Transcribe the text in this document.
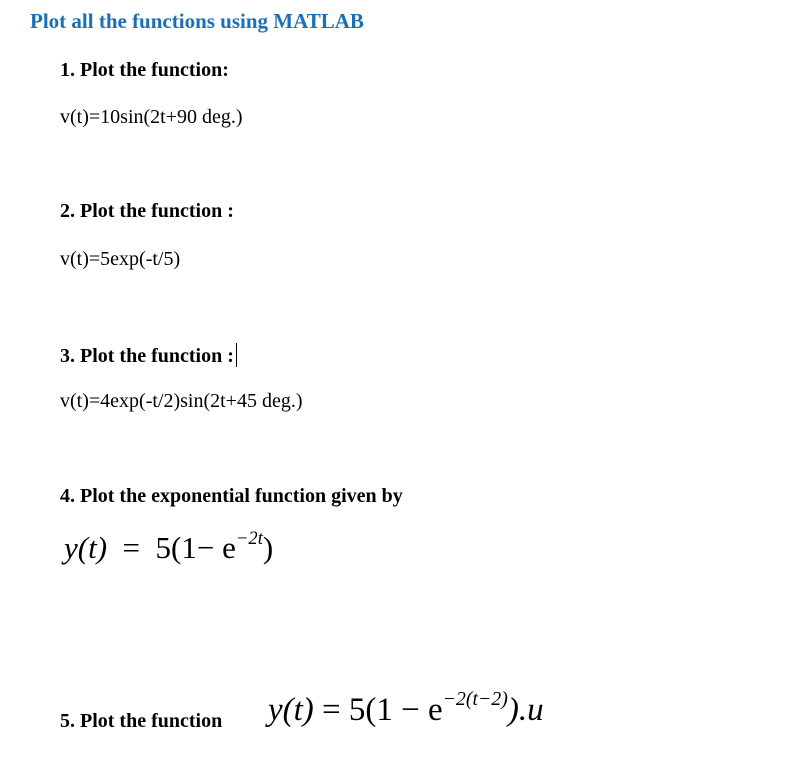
Plot all the functions using MATLAB
1. Plot the function:
v(t)=10sin(2t+90 deg.)
2. Plot the function :
v(t)=5exp(-t/5)
3. Plot the function :
v(t)=4exp(-t/2)sin(2t+45 deg.)
4. Plot the exponential function given by
$y(t) = 5(1- e^{-2t})$
5. Plot the function $y(t) = 5(1 - e^{-2(t-2)}).u$
